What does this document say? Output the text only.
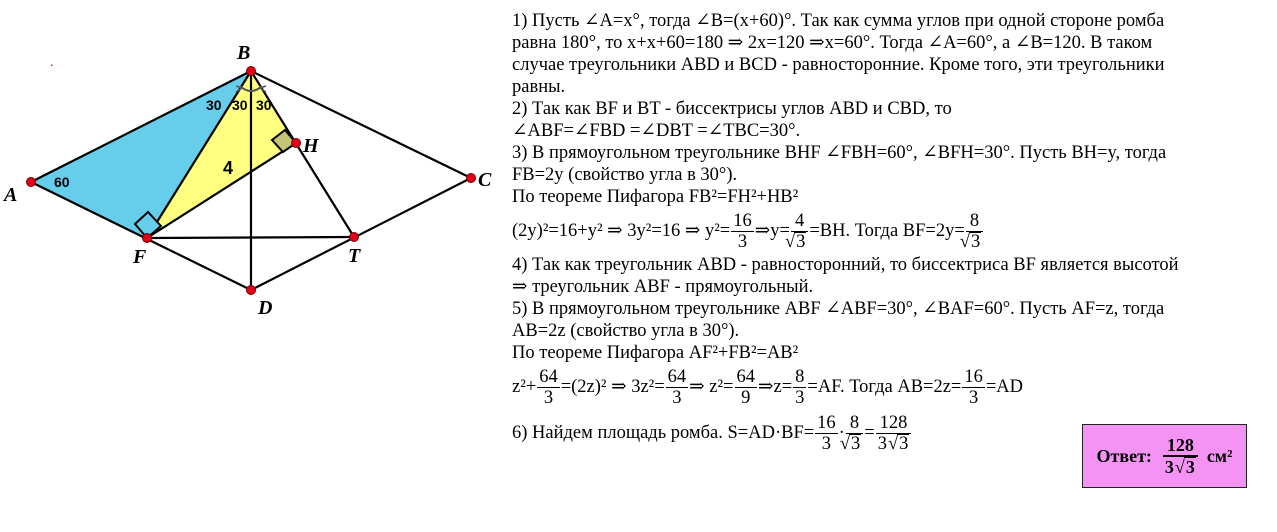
A
B
C
D
F
H
T
60
30 30 30
4
.
1) Пусть ∠A=x°, тогда ∠B=(x+60)°. Так как сумма углов при одной стороне ромба
равна 180°, то x+x+60=180 ⇒ 2x=120 ⇒x=60°. Тогда ∠A=60°, а ∠B=120. В таком
случае треугольники ABD и BCD - равносторонние. Кроме того, эти треугольники
равны.
2) Так как BF и BT - биссектрисы углов ABD и CBD, то
∠ABF=∠FBD =∠DBT =∠TBC=30°.
3) В прямоугольном треугольнике BHF ∠FBH=60°, ∠BFH=30°. Пусть BH=y, тогда
FB=2y (свойство угла в 30°).
По теореме Пифагора FB²=FH²+HB²
(2y)²=16+y² ⇒ 3y²=16 ⇒ $y^2= \frac{16}{3}$ ⇒y= 4
√ 3 =BH. Тогда BF=2y= 8
√ 3
4) Так как треугольник ABD - равносторонний, то биссектриса BF является высотой
⇒ треугольник ABF - прямоугольный.
5) В прямоугольном треугольнике ABF ∠ABF=30°, ∠BAF=60°. Пусть AF=z, тогда
AB=2z (свойство угла в 30°).
По теореме Пифагора AF²+FB²=AB²
$z^2+ \frac{64}{3} =(2z)^2$ ⇒ $3z^2= \frac{64}{3}$ ⇒ $z^2= \frac{64}{9}$ ⇒z= $\frac{8}{3} =AF$. Тогда $AB=2z= \frac{16}{3} =AD$
6) Найдем площадь ромба. $S=AD\cdot BF= \frac{16}{3} \cdot 8$
√ $3 = \frac{128}{3 √ 3}$
Ответ:
128
3 √ 3
см²
